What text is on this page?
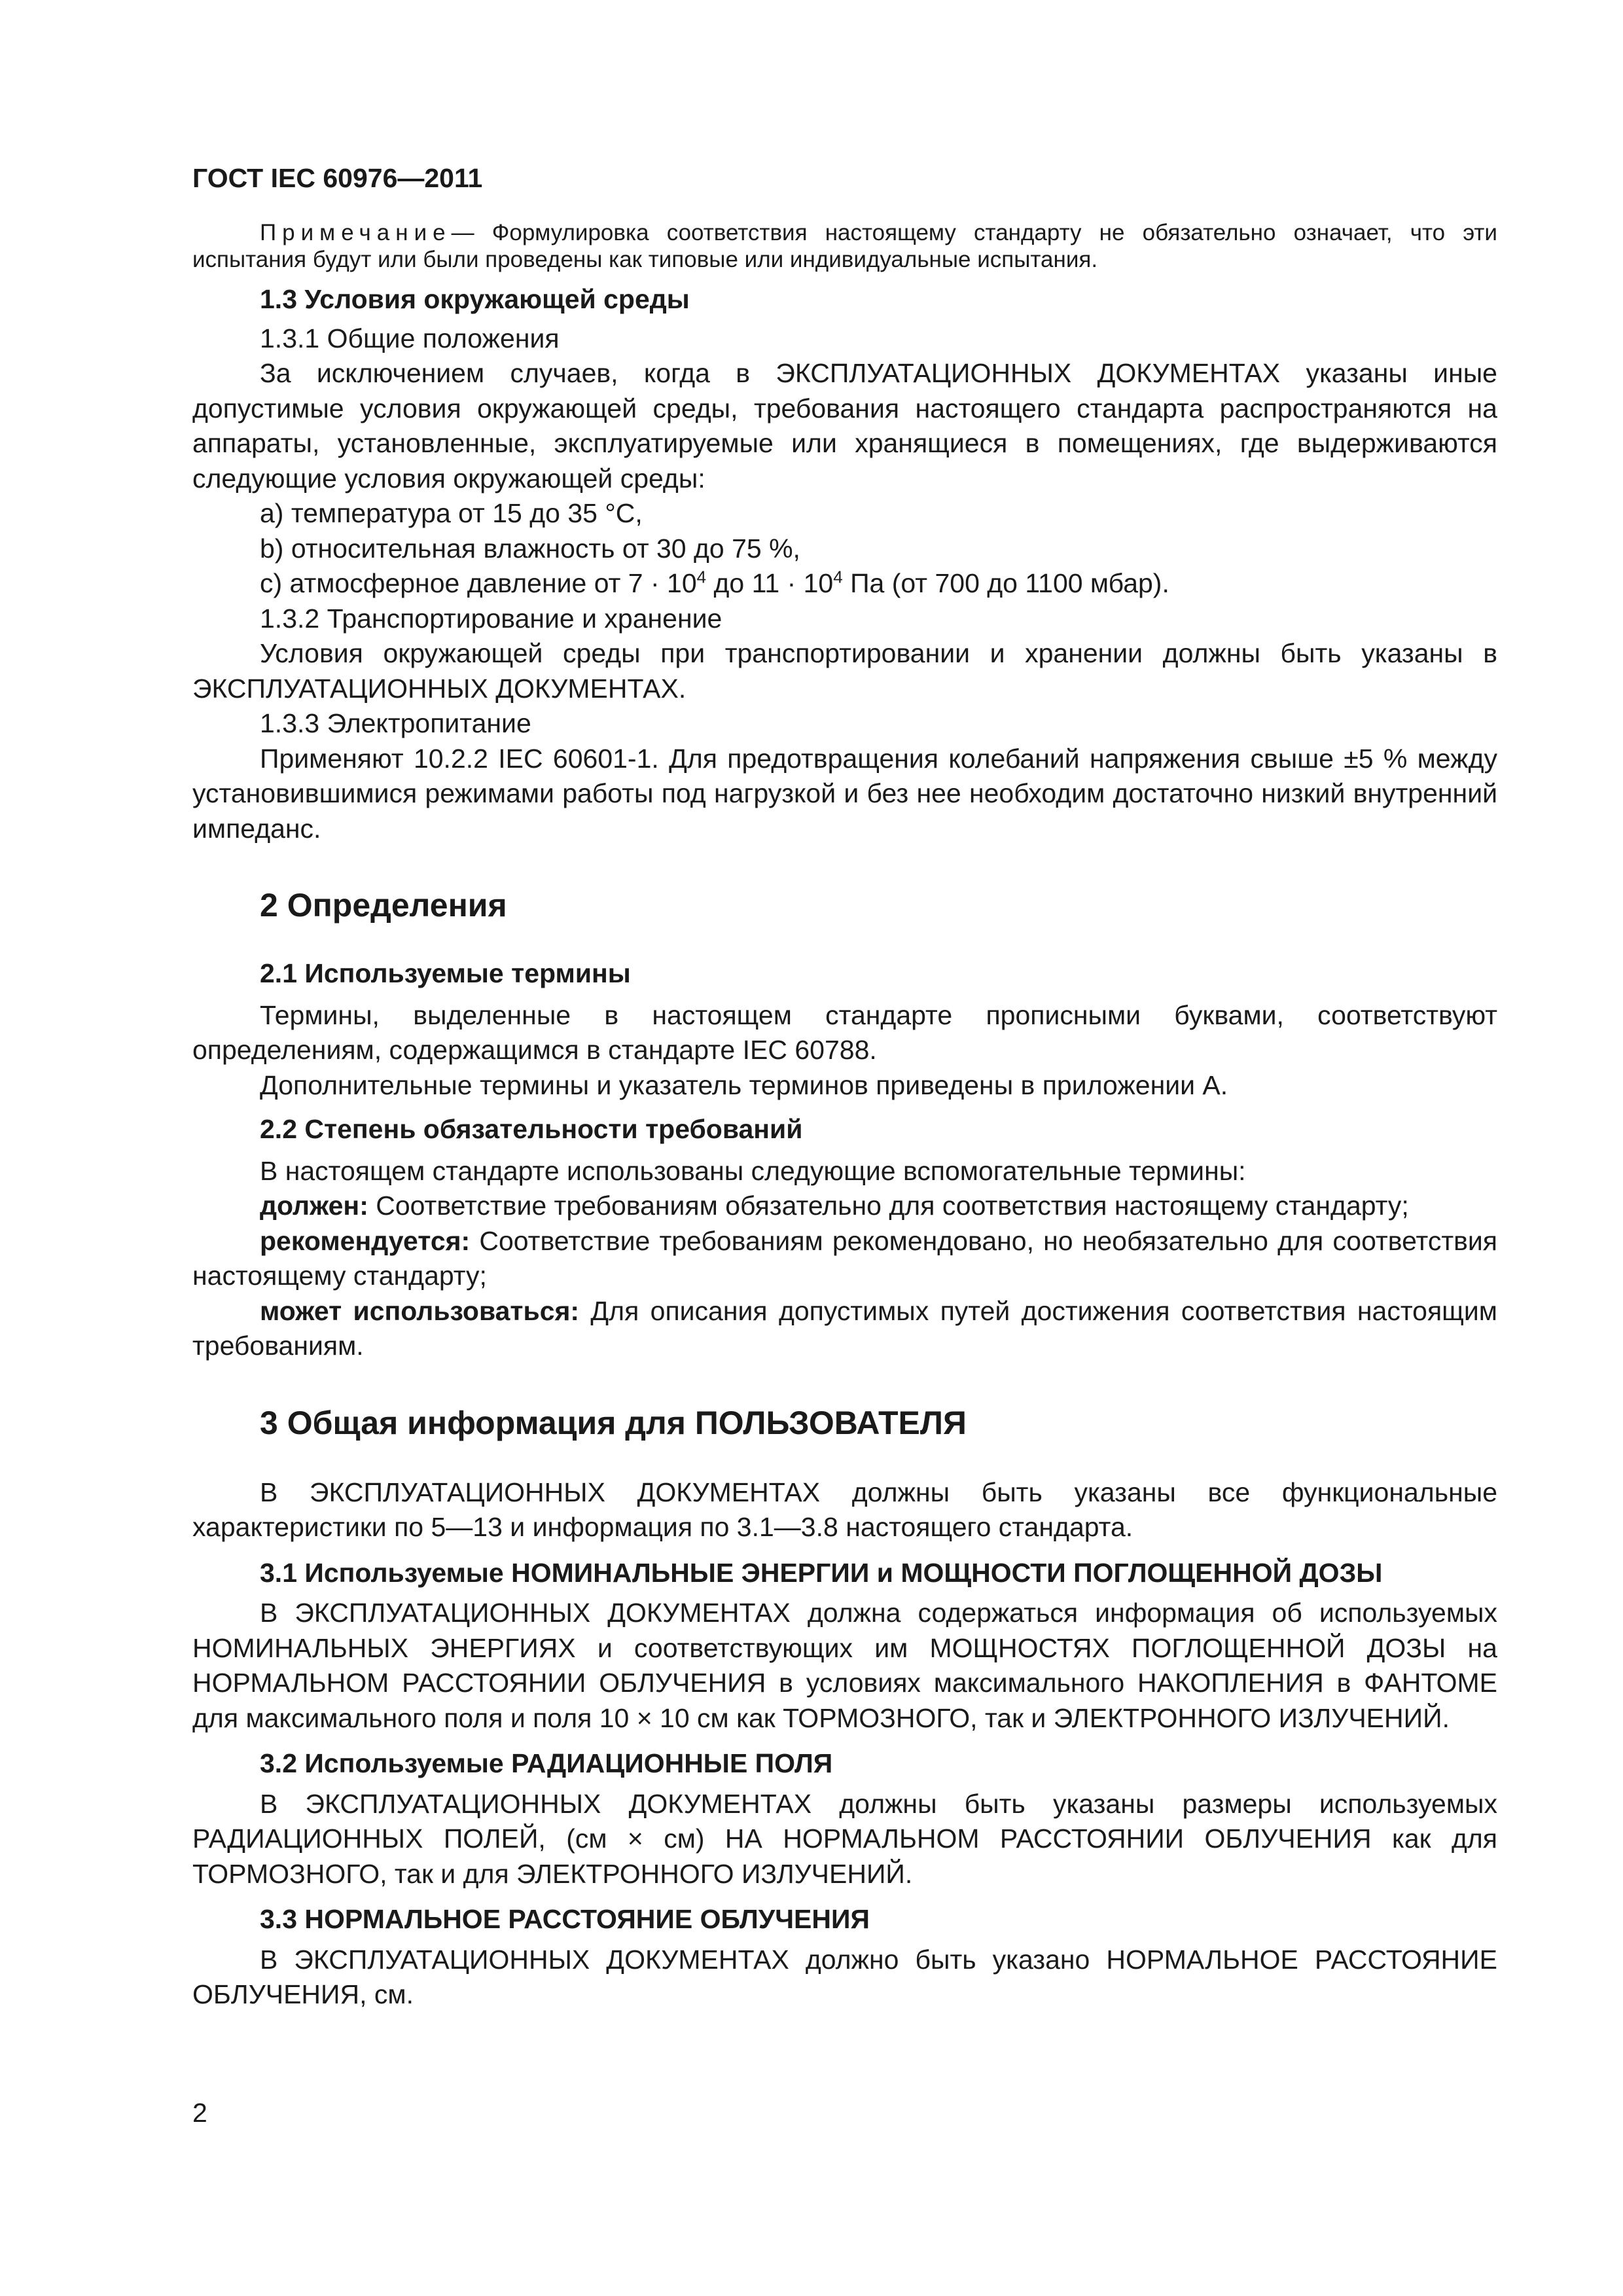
ГОСТ IEC 60976—2011

Примечание— Формулировка соответствия настоящему стандарту не обязательно означает, что эти испытания будут или были проведены как типовые или индивидуальные испытания.

1.3 Условия окружающей среды

1.3.1 Общие положения

За исключением случаев, когда в ЭКСПЛУАТАЦИОННЫХ ДОКУМЕНТАХ указаны иные допустимые условия окружающей среды, требования настоящего стандарта распространяются на аппараты, установленные, эксплуатируемые или хранящиеся в помещениях, где выдерживаются следующие условия окружающей среды:

a) температура от 15 до 35 °C,

b) относительная влажность от 30 до 75 %,

c) атмосферное давление от $7 \cdot 10^4$ до $11 \cdot 10^4$ Па (от 700 до 1100 мбар).

1.3.2 Транспортирование и хранение

Условия окружающей среды при транспортировании и хранении должны быть указаны в ЭКСПЛУАТАЦИОННЫХ ДОКУМЕНТАХ.

1.3.3 Электропитание

Применяют 10.2.2 IEC 60601-1. Для предотвращения колебаний напряжения свыше ±5 % между установившимися режимами работы под нагрузкой и без нее необходим достаточно низкий внутренний импеданс.

2 Определения
2.1 Используемые термины

Термины, выделенные в настоящем стандарте прописными буквами, соответствуют определениям, содержащимся в стандарте IEC 60788.

Дополнительные термины и указатель терминов приведены в приложении А.

2.2 Степень обязательности требований

В настоящем стандарте использованы следующие вспомогательные термины:

должен: Соответствие требованиям обязательно для соответствия настоящему стандарту;

рекомендуется: Соответствие требованиям рекомендовано, но необязательно для соответствия настоящему стандарту;

может использоваться: Для описания допустимых путей достижения соответствия настоящим требованиям.

3 Общая информация для ПОЛЬЗОВАТЕЛЯ

В ЭКСПЛУАТАЦИОННЫХ ДОКУМЕНТАХ должны быть указаны все функциональные характеристики по 5—13 и информация по 3.1—3.8 настоящего стандарта.

3.1 Используемые НОМИНАЛЬНЫЕ ЭНЕРГИИ и МОЩНОСТИ ПОГЛОЩЕННОЙ ДОЗЫ

В ЭКСПЛУАТАЦИОННЫХ ДОКУМЕНТАХ должна содержаться информация об используемых НОМИНАЛЬНЫХ ЭНЕРГИЯХ и соответствующих им МОЩНОСТЯХ ПОГЛОЩЕННОЙ ДОЗЫ на НОРМАЛЬНОМ РАССТОЯНИИ ОБЛУЧЕНИЯ в условиях максимального НАКОПЛЕНИЯ в ФАНТОМЕ для максимального поля и поля 10 × 10 см как ТОРМОЗНОГО, так и ЭЛЕКТРОННОГО ИЗЛУЧЕНИЙ.

3.2 Используемые РАДИАЦИОННЫЕ ПОЛЯ

В ЭКСПЛУАТАЦИОННЫХ ДОКУМЕНТАХ должны быть указаны размеры используемых РАДИАЦИОННЫХ ПОЛЕЙ, (см × см) НА НОРМАЛЬНОМ РАССТОЯНИИ ОБЛУЧЕНИЯ как для ТОРМОЗНОГО, так и для ЭЛЕКТРОННОГО ИЗЛУЧЕНИЙ.

3.3 НОРМАЛЬНОЕ РАССТОЯНИЕ ОБЛУЧЕНИЯ

В ЭКСПЛУАТАЦИОННЫХ ДОКУМЕНТАХ должно быть указано НОРМАЛЬНОЕ РАССТОЯНИЕ ОБЛУЧЕНИЯ, см.

2
